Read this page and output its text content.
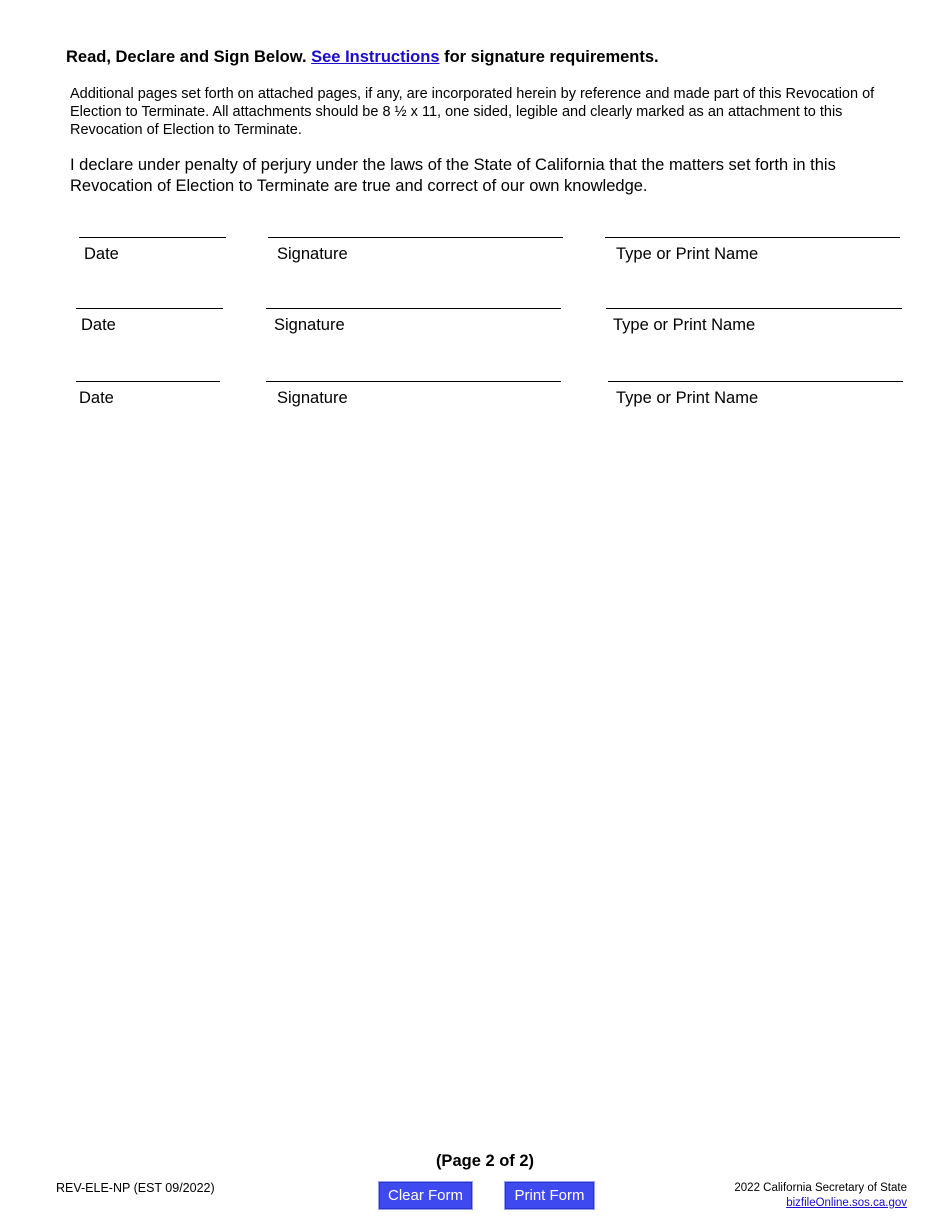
Read, Declare and Sign Below. See Instructions for signature requirements.
Additional pages set forth on attached pages, if any, are incorporated herein by reference and made part of this Revocation of Election to Terminate. All attachments should be 8 ½ x 11, one sided, legible and clearly marked as an attachment to this Revocation of Election to Terminate.
I declare under penalty of perjury under the laws of the State of California that the matters set forth in this Revocation of Election to Terminate are true and correct of our own knowledge.
Date	Signature	Type or Print Name
Date	Signature	Type or Print Name
Date	Signature	Type or Print Name
(Page 2 of 2)
REV-ELE-NP (EST 09/2022)	Clear Form	Print Form	2022 California Secretary of State
bizfileOnline.sos.ca.gov
